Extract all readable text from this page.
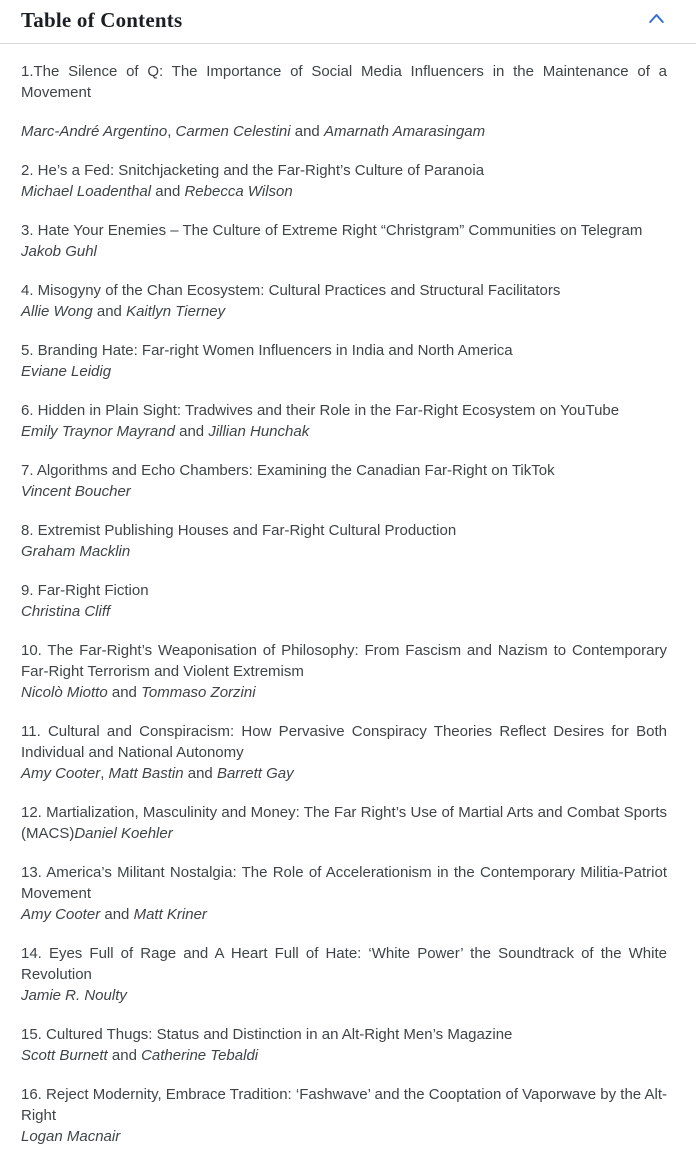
Table of Contents

1.The Silence of Q: The Importance of Social Media Influencers in the Maintenance of a Movement

Marc-André Argentino, Carmen Celestini and Amarnath Amarasingam

2. He’s a Fed: Snitchjacketing and the Far-Right’s Culture of Paranoia
Michael Loadenthal and Rebecca Wilson

3. Hate Your Enemies – The Culture of Extreme Right “Christgram” Communities on Telegram
Jakob Guhl

4. Misogyny of the Chan Ecosystem: Cultural Practices and Structural Facilitators
Allie Wong and Kaitlyn Tierney

5. Branding Hate: Far-right Women Influencers in India and North America
Eviane Leidig

6. Hidden in Plain Sight: Tradwives and their Role in the Far-Right Ecosystem on YouTube
Emily Traynor Mayrand and Jillian Hunchak

7. Algorithms and Echo Chambers: Examining the Canadian Far-Right on TikTok
Vincent Boucher

8. Extremist Publishing Houses and Far-Right Cultural Production
Graham Macklin

9. Far-Right Fiction
Christina Cliff

10. The Far-Right’s Weaponisation of Philosophy: From Fascism and Nazism to Contemporary Far-Right Terrorism and Violent Extremism
Nicolò Miotto and Tommaso Zorzini

11. Cultural and Conspiracism: How Pervasive Conspiracy Theories Reflect Desires for Both Individual and National Autonomy
Amy Cooter, Matt Bastin and Barrett Gay

12. Martialization, Masculinity and Money: The Far Right’s Use of Martial Arts and Combat Sports (MACS)Daniel Koehler

13. America’s Militant Nostalgia: The Role of Accelerationism in the Contemporary Militia-Patriot Movement
Amy Cooter and Matt Kriner

14. Eyes Full of Rage and A Heart Full of Hate: ‘White Power’ the Soundtrack of the White Revolution
Jamie R. Noulty

15. Cultured Thugs: Status and Distinction in an Alt-Right Men’s Magazine
Scott Burnett and Catherine Tebaldi

16. Reject Modernity, Embrace Tradition: ‘Fashwave’ and the Cooptation of Vaporwave by the Alt-Right
Logan Macnair
